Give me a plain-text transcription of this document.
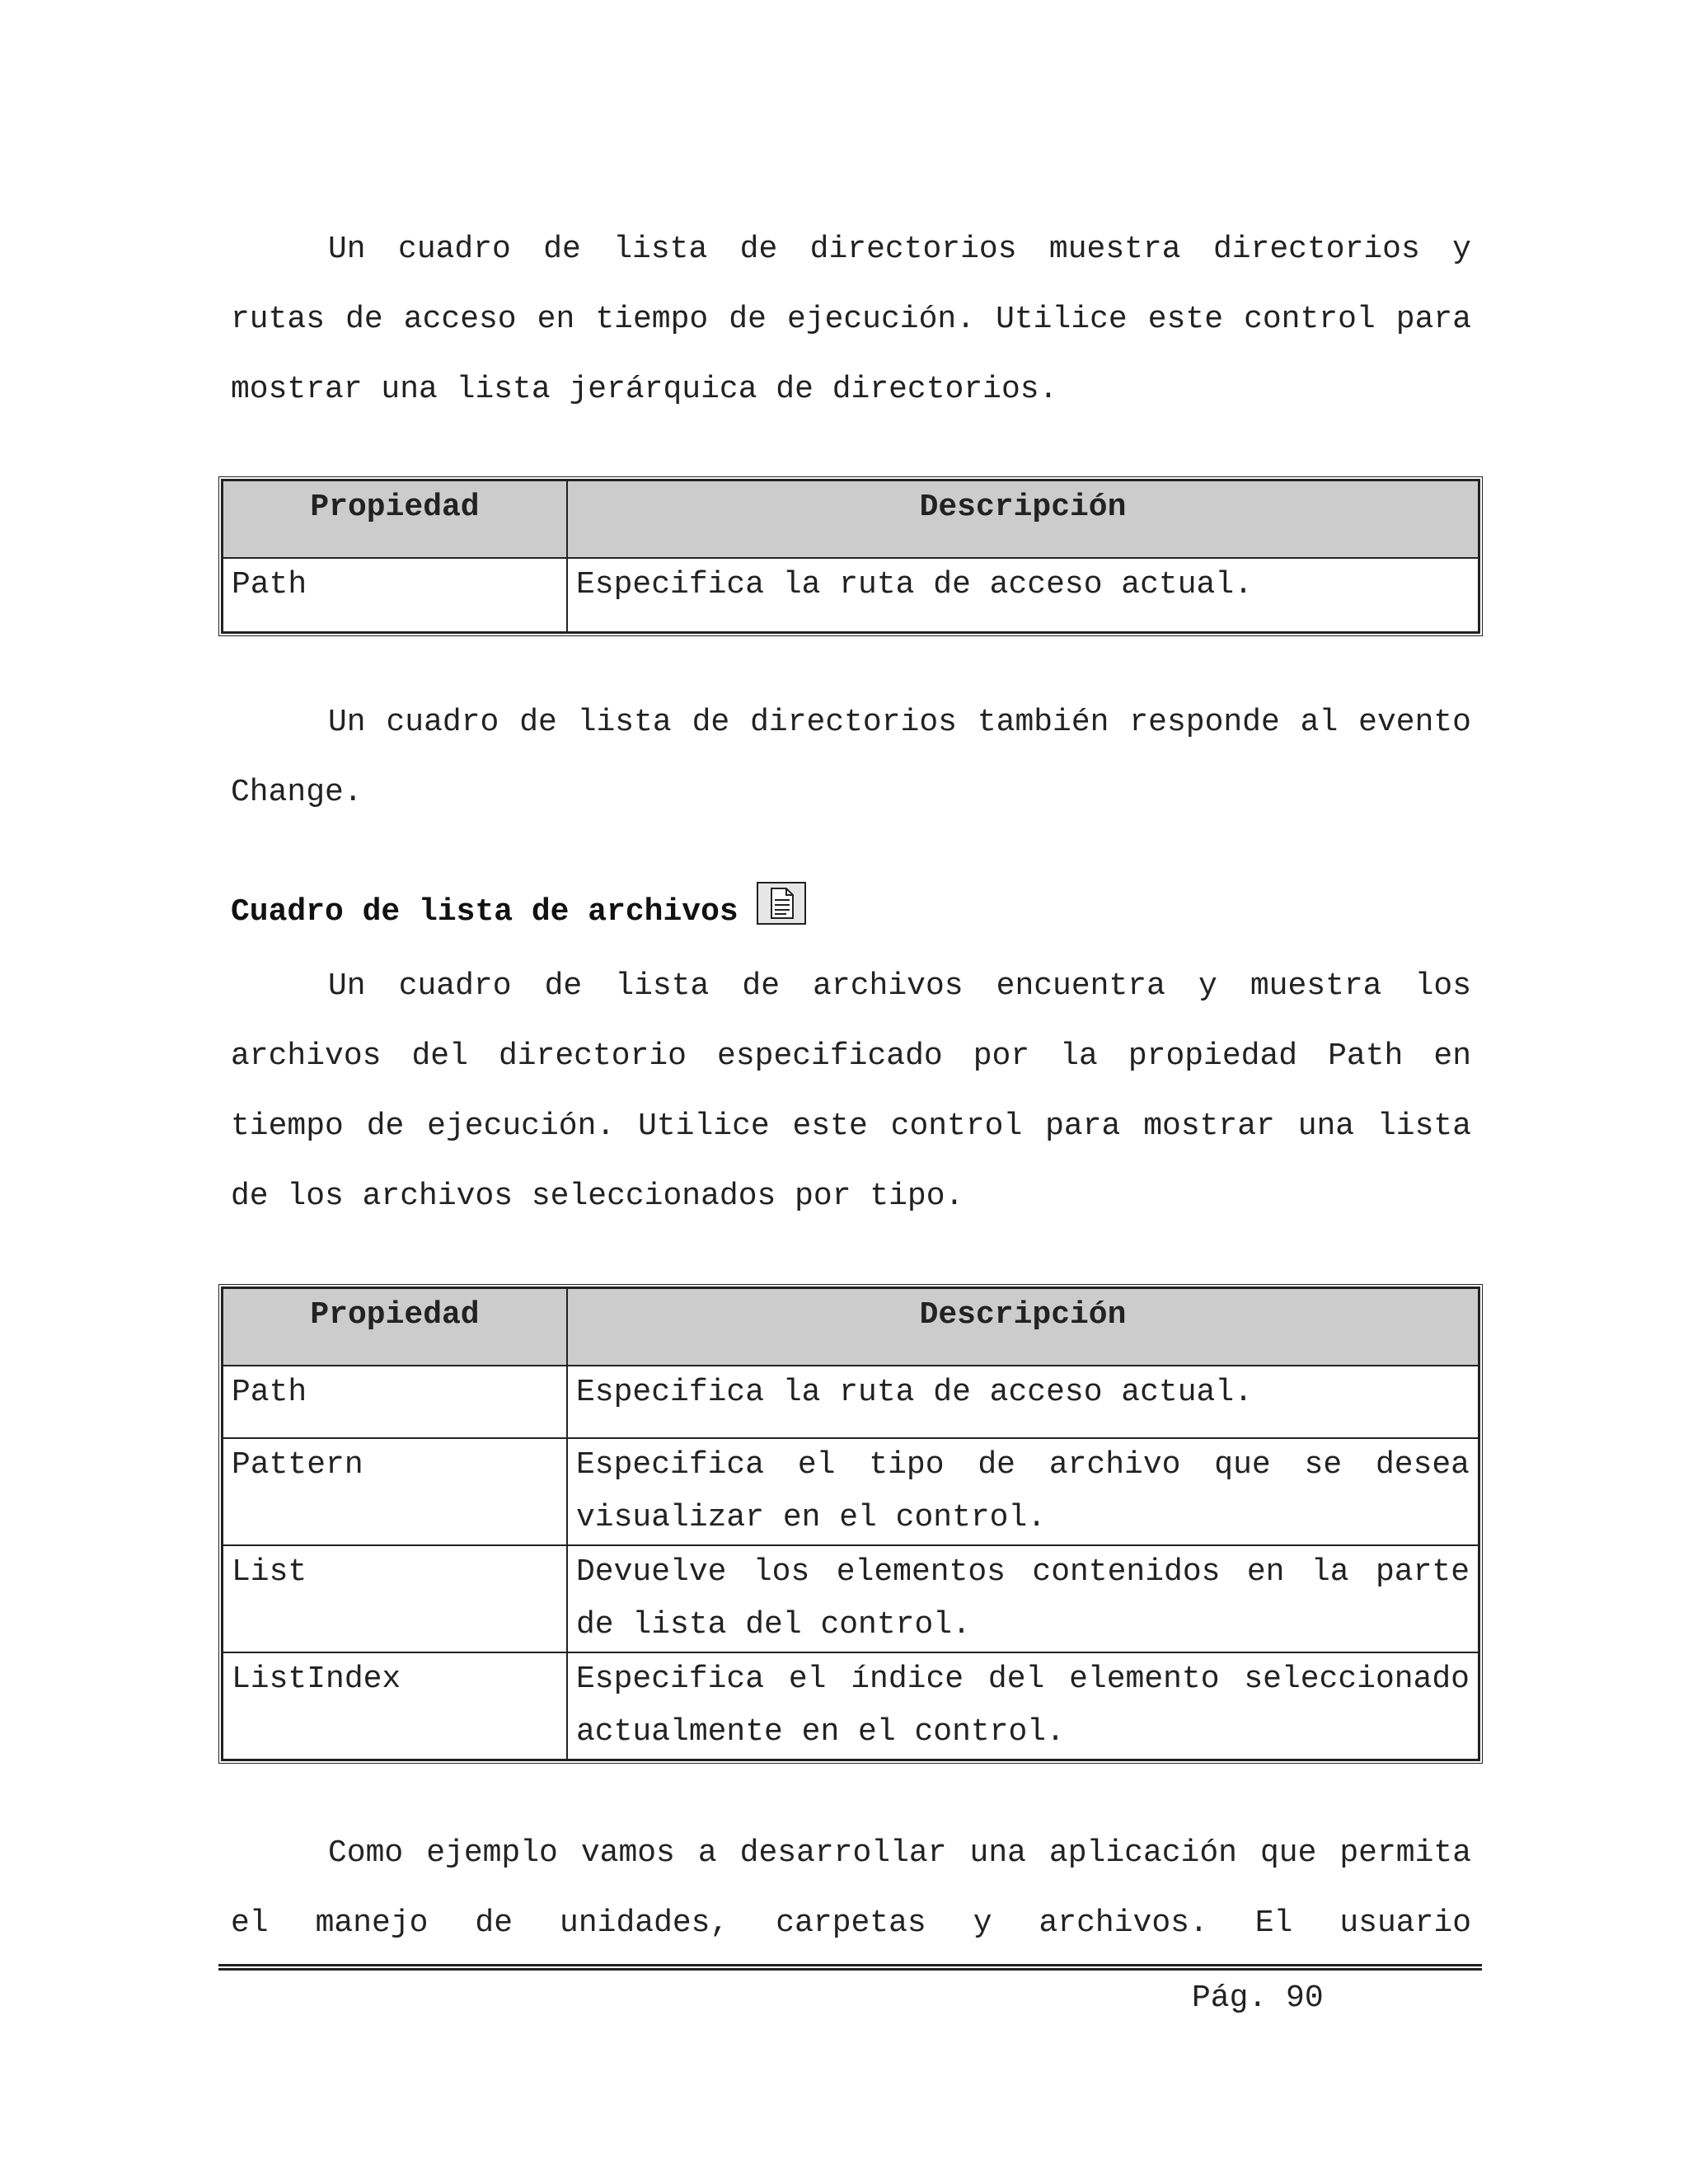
Un cuadro de lista de directorios muestra directorios y rutas de acceso en tiempo de ejecución. Utilice este control para mostrar una lista jerárquica de directorios.
Propiedad	Descripción
Path	Especifica la ruta de acceso actual.
Un cuadro de lista de directorios también responde al evento Change.
Cuadro de lista de archivos
Un cuadro de lista de archivos encuentra y muestra los archivos del directorio especificado por la propiedad Path en tiempo de ejecución. Utilice este control para mostrar una lista de los archivos seleccionados por tipo.
Propiedad	Descripción
Path	Especifica la ruta de acceso actual.
Pattern	Especifica el tipo de archivo que se desea visualizar en el control.
List	Devuelve los elementos contenidos en la parte de lista del control.
ListIndex	Especifica el índice del elemento seleccionado actualmente en el control.
Como ejemplo vamos a desarrollar una aplicación que permita el manejo de unidades, carpetas y archivos. El usuario
Pág. 90
